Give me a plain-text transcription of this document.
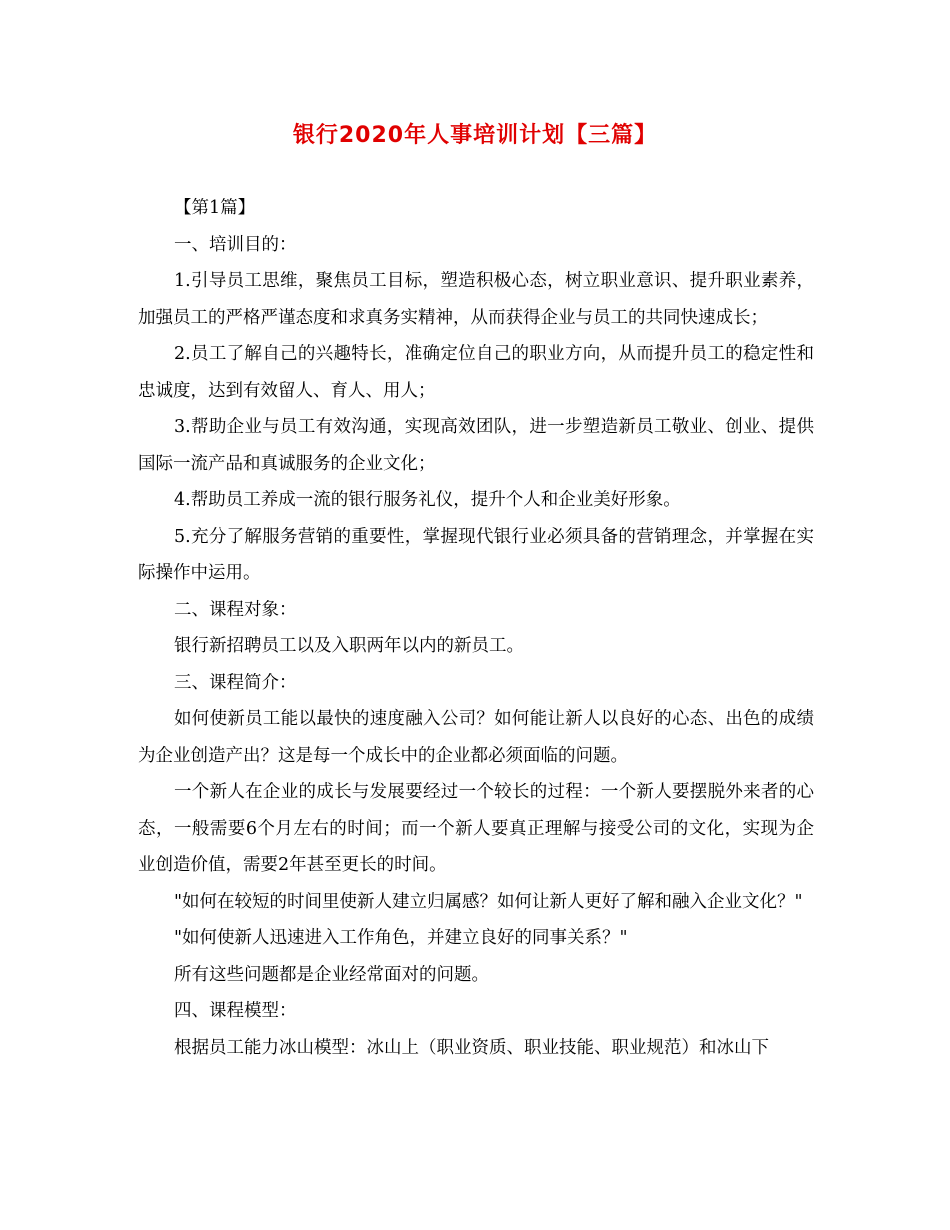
银行2020年人事培训计划【三篇】

【第1篇】

一、培训目的：

1.引导员工思维，聚焦员工目标，塑造积极心态，树立职业意识、提升职业素养，加强员工的严格严谨态度和求真务实精神，从而获得企业与员工的共同快速成长；

2.员工了解自己的兴趣特长，准确定位自己的职业方向，从而提升员工的稳定性和忠诚度，达到有效留人、育人、用人；

3.帮助企业与员工有效沟通，实现高效团队，进一步塑造新员工敬业、创业、提供国际一流产品和真诚服务的企业文化；

4.帮助员工养成一流的银行服务礼仪，提升个人和企业美好形象。

5.充分了解服务营销的重要性，掌握现代银行业必须具备的营销理念，并掌握在实际操作中运用。

二、课程对象：

银行新招聘员工以及入职两年以内的新员工。

三、课程简介：

如何使新员工能以最快的速度融入公司？如何能让新人以良好的心态、出色的成绩为企业创造产出？这是每一个成长中的企业都必须面临的问题。

一个新人在企业的成长与发展要经过一个较长的过程：一个新人要摆脱外来者的心态，一般需要6个月左右的时间；而一个新人要真正理解与接受公司的文化，实现为企业创造价值，需要2年甚至更长的时间。

"如何在较短的时间里使新人建立归属感？如何让新人更好了解和融入企业文化？"

"如何使新人迅速进入工作角色，并建立良好的同事关系？"

所有这些问题都是企业经常面对的问题。

四、课程模型：

根据员工能力冰山模型：冰山上（职业资质、职业技能、职业规范）和冰山下
